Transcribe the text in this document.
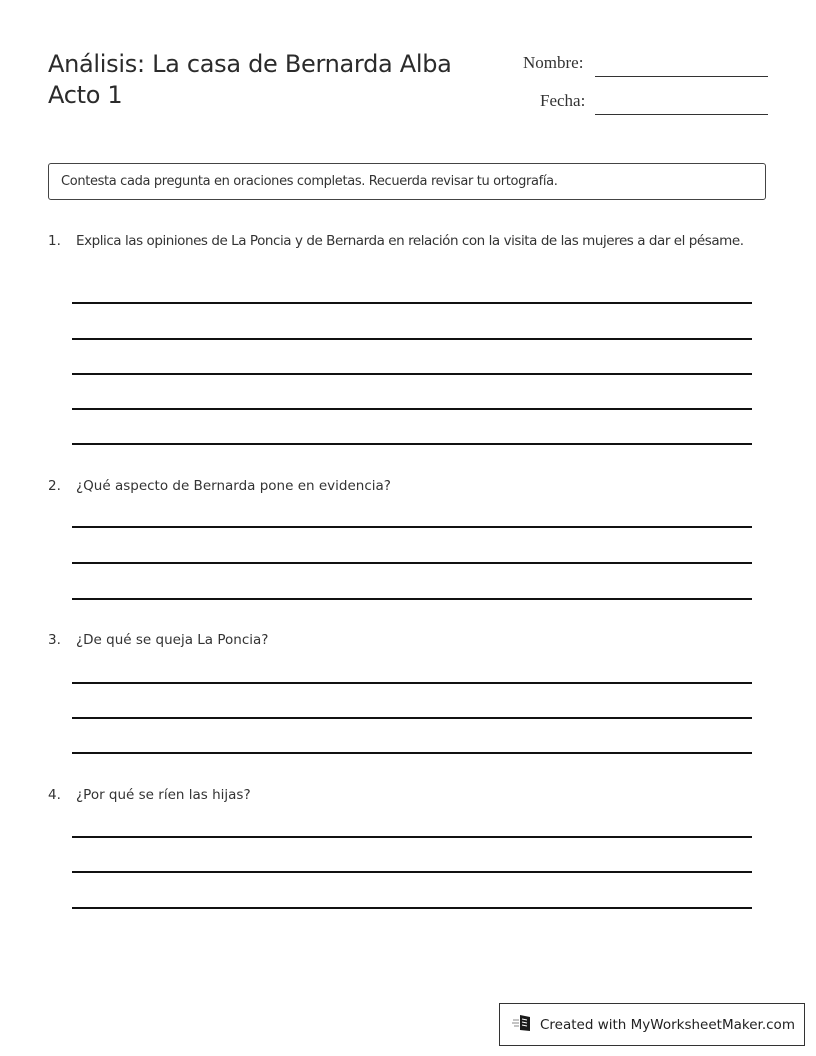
Análisis: La casa de Bernarda Alba
Acto 1
Nombre:
Fecha:
Contesta cada pregunta en oraciones completas. Recuerda revisar tu ortografía.
1. Explica las opiniones de La Poncia y de Bernarda en relación con la visita de las mujeres a dar el pésame.
2. ¿Qué aspecto de Bernarda pone en evidencia?
3. ¿De qué se queja La Poncia?
4. ¿Por qué se ríen las hijas?
Created with MyWorksheetMaker.com
